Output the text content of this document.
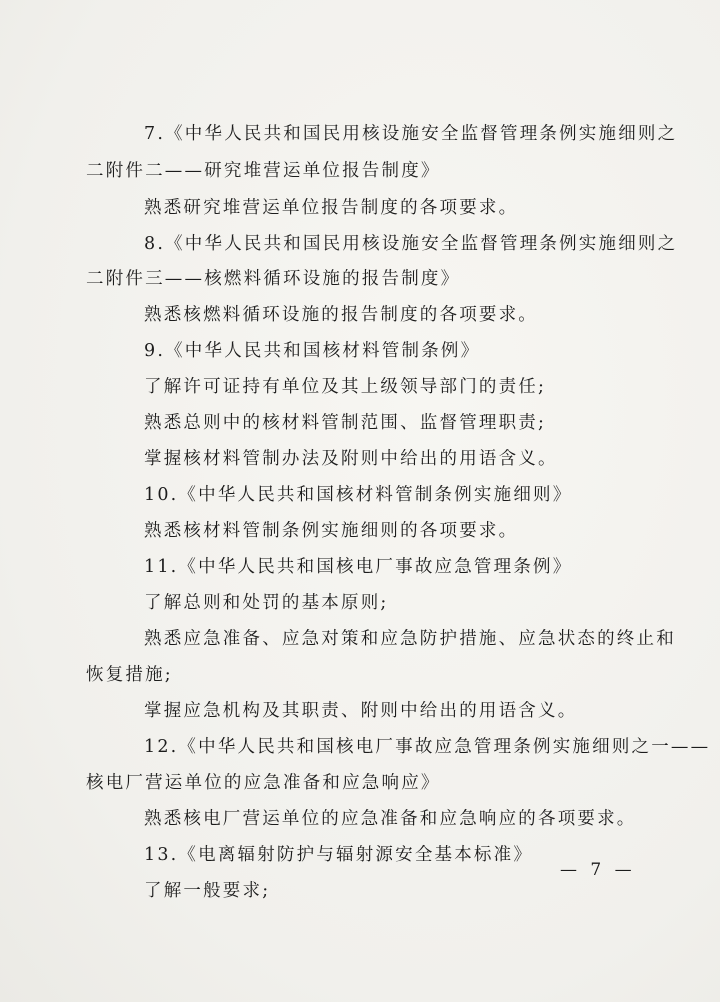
7.《中华人民共和国民用核设施安全监督管理条例实施细则之
二附件二——研究堆营运单位报告制度》
熟悉研究堆营运单位报告制度的各项要求。
8.《中华人民共和国民用核设施安全监督管理条例实施细则之
二附件三——核燃料循环设施的报告制度》
熟悉核燃料循环设施的报告制度的各项要求。
9.《中华人民共和国核材料管制条例》
了解许可证持有单位及其上级领导部门的责任;
熟悉总则中的核材料管制范围、监督管理职责;
掌握核材料管制办法及附则中给出的用语含义。
10.《中华人民共和国核材料管制条例实施细则》
熟悉核材料管制条例实施细则的各项要求。
11.《中华人民共和国核电厂事故应急管理条例》
了解总则和处罚的基本原则;
熟悉应急准备、应急对策和应急防护措施、应急状态的终止和
恢复措施;
掌握应急机构及其职责、附则中给出的用语含义。
12.《中华人民共和国核电厂事故应急管理条例实施细则之一——
核电厂营运单位的应急准备和应急响应》
熟悉核电厂营运单位的应急准备和应急响应的各项要求。
13.《电离辐射防护与辐射源安全基本标准》
了解一般要求;
— 7 —
